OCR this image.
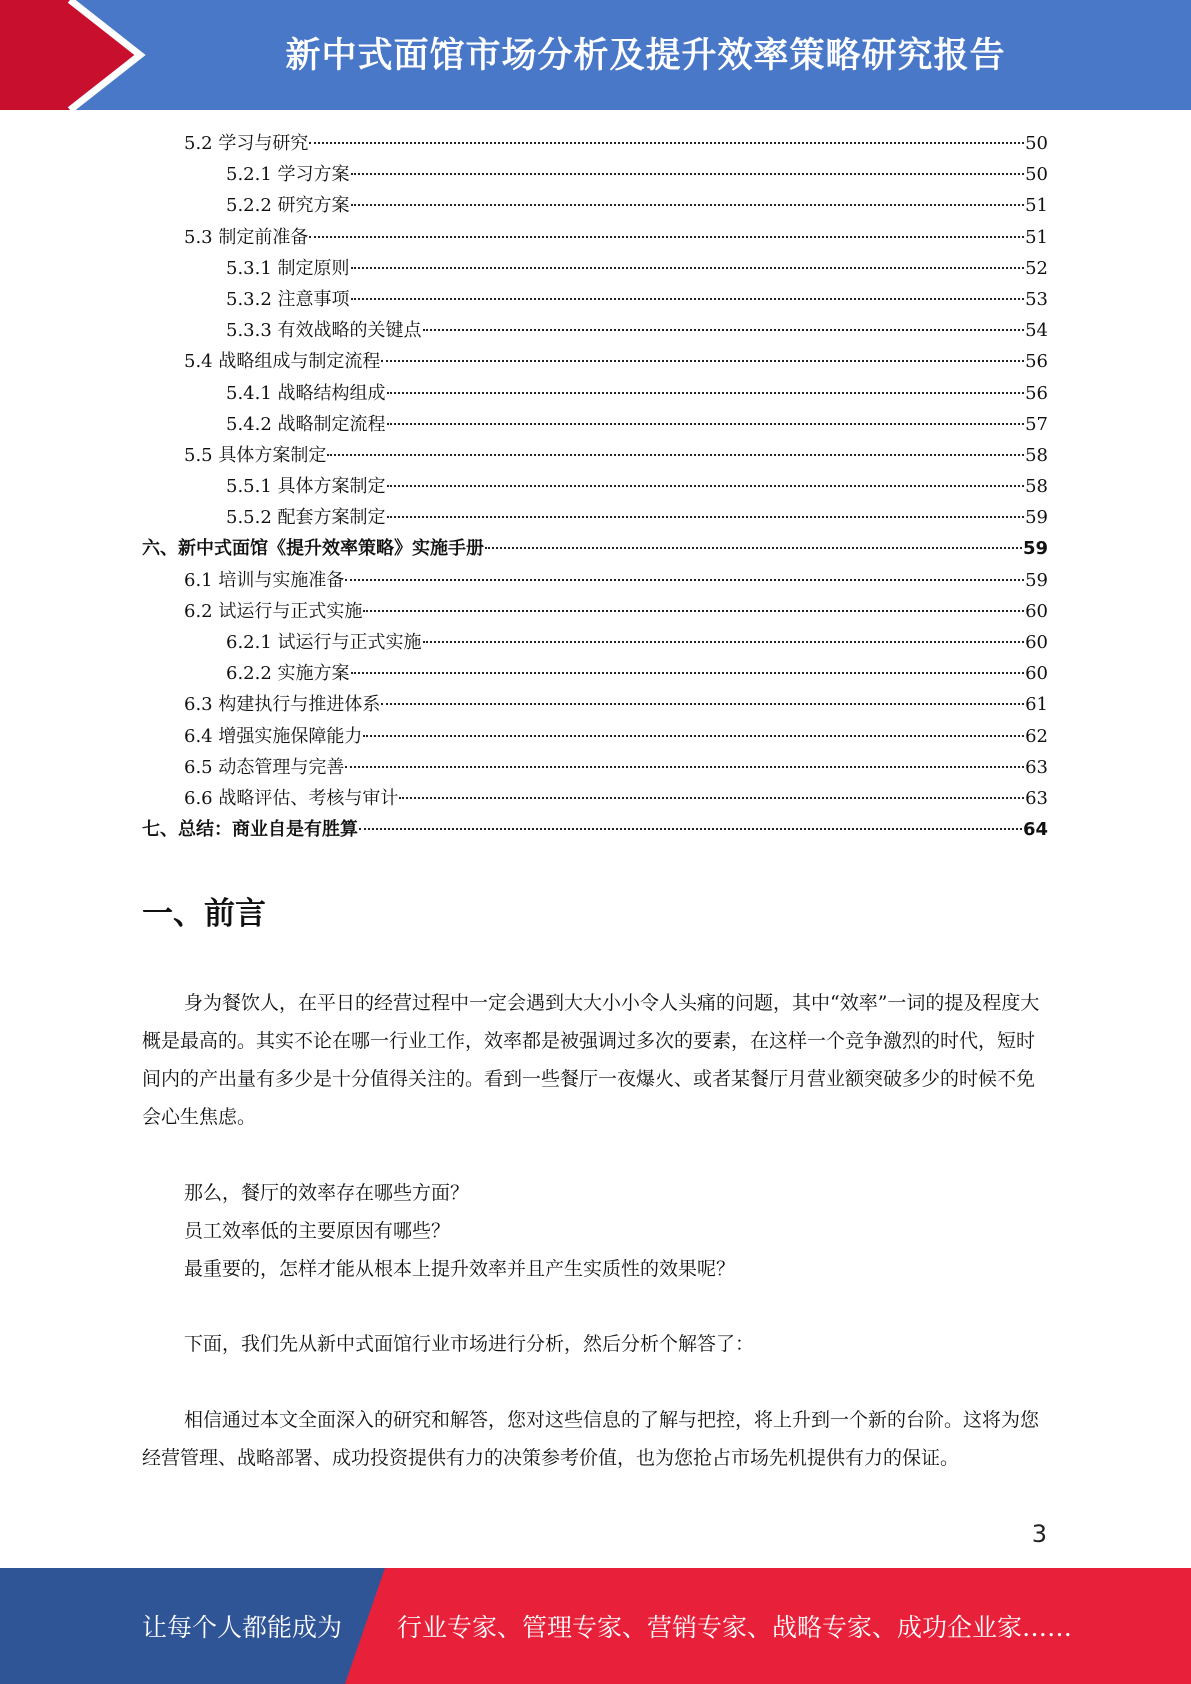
新中式面馆市场分析及提升效率策略研究报告
5.2 学习与研究	50
5.2.1 学习方案	50
5.2.2 研究方案	51
5.3 制定前准备	51
5.3.1 制定原则	52
5.3.2 注意事项	53
5.3.3 有效战略的关键点	54
5.4 战略组成与制定流程	56
5.4.1 战略结构组成	56
5.4.2 战略制定流程	57
5.5 具体方案制定	58
5.5.1 具体方案制定	58
5.5.2 配套方案制定	59
六、新中式面馆《提升效率策略》实施手册	59
6.1 培训与实施准备	59
6.2 试运行与正式实施	60
6.2.1 试运行与正式实施	60
6.2.2 实施方案	60
6.3 构建执行与推进体系	61
6.4 增强实施保障能力	62
6.5 动态管理与完善	63
6.6 战略评估、考核与审计	63
七、总结：商业自是有胜算	64
一、前言

身为餐饮人，在平日的经营过程中一定会遇到大大小小令人头痛的问题，其中“效率”一词的提及程度大概是最高的。其实不论在哪一行业工作，效率都是被强调过多次的要素，在这样一个竞争激烈的时代，短时间内的产出量有多少是十分值得关注的。看到一些餐厅一夜爆火、或者某餐厅月营业额突破多少的时候不免会心生焦虑。

那么，餐厅的效率存在哪些方面？

员工效率低的主要原因有哪些？

最重要的，怎样才能从根本上提升效率并且产生实质性的效果呢？

下面，我们先从新中式面馆行业市场进行分析，然后分析个解答了：

相信通过本文全面深入的研究和解答，您对这些信息的了解与把控，将上升到一个新的台阶。这将为您经营管理、战略部署、成功投资提供有力的决策参考价值，也为您抢占市场先机提供有力的保证。

3
让每个人都能成为 行业专家、管理专家、营销专家、战略专家、成功企业家……
